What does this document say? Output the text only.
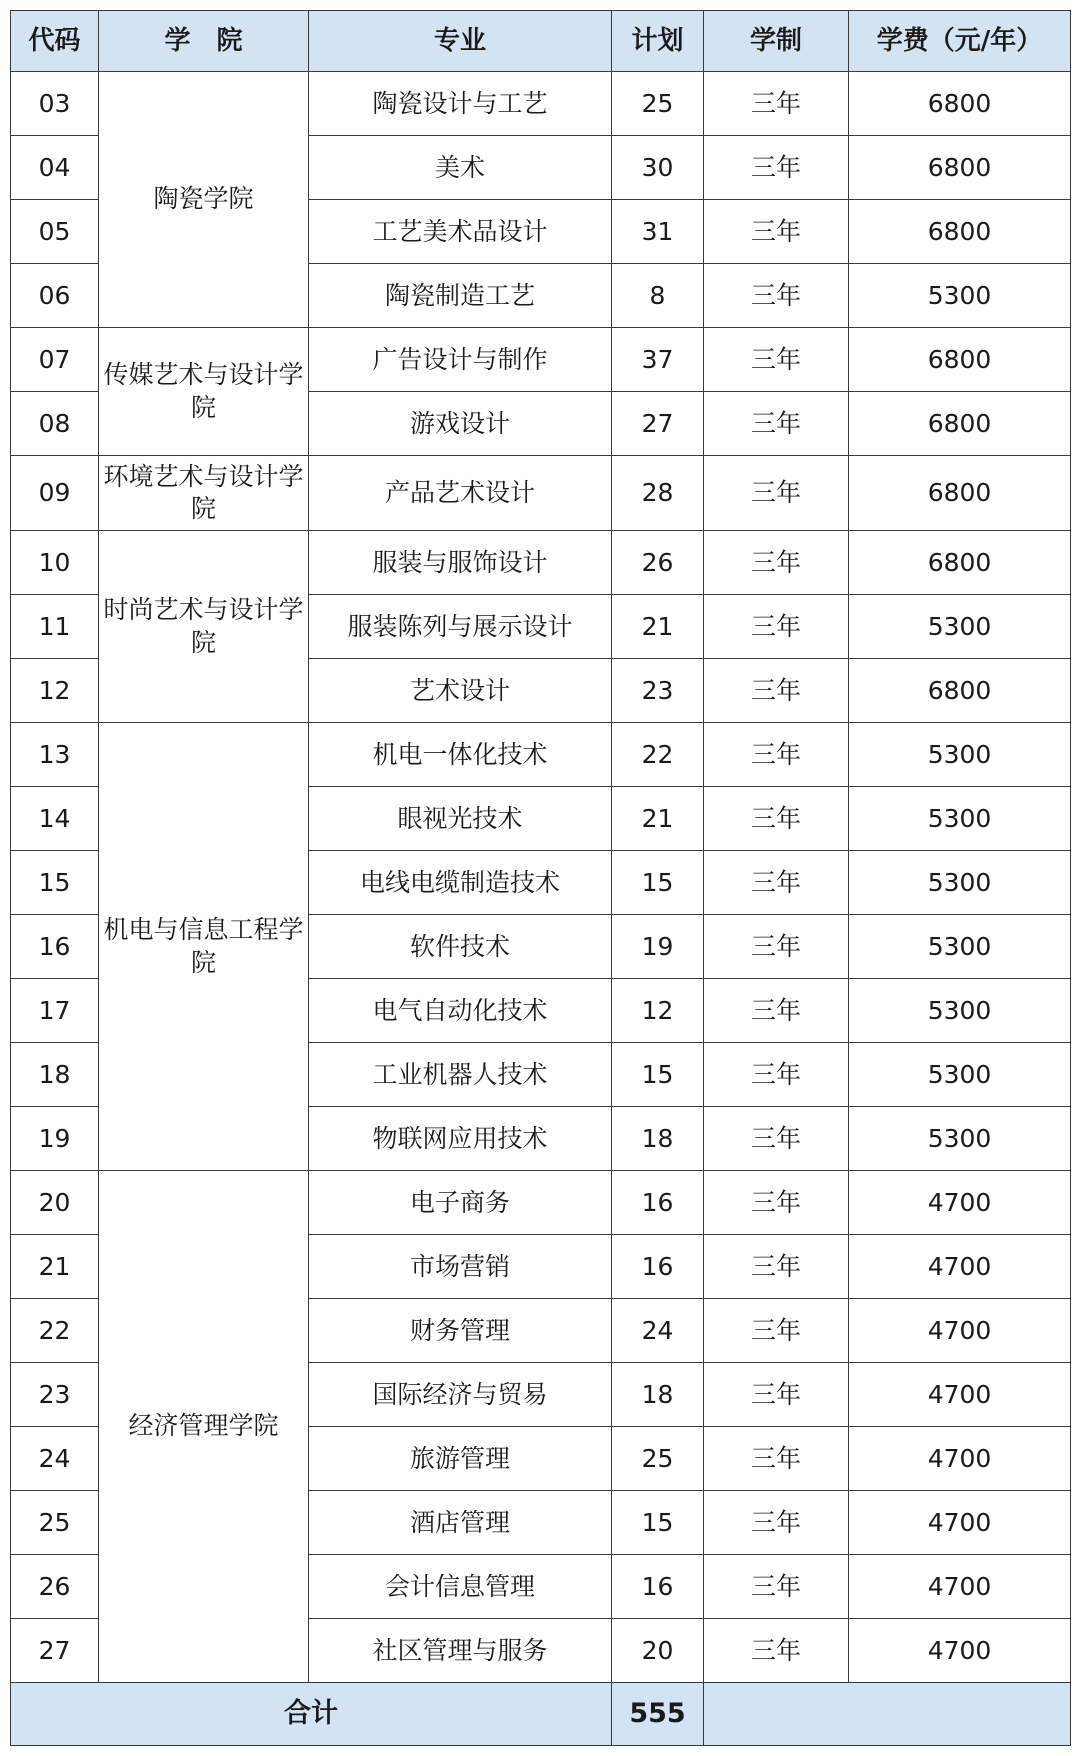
代码	学　院	专业	计划	学制	学费（元/年）
03	陶瓷学院	陶瓷设计与工艺	25	三年	6800
04		美术	30	三年	6800
05		工艺美术品设计	31	三年	6800
06		陶瓷制造工艺	8	三年	5300
07	传媒艺术与设计学院	广告设计与制作	37	三年	6800
08		游戏设计	27	三年	6800
09	环境艺术与设计学院	产品艺术设计	28	三年	6800
10	时尚艺术与设计学院	服装与服饰设计	26	三年	6800
11		服装陈列与展示设计	21	三年	5300
12		艺术设计	23	三年	6800
13	机电与信息工程学院	机电一体化技术	22	三年	5300
14		眼视光技术	21	三年	5300
15		电线电缆制造技术	15	三年	5300
16		软件技术	19	三年	5300
17		电气自动化技术	12	三年	5300
18		工业机器人技术	15	三年	5300
19		物联网应用技术	18	三年	5300
20	经济管理学院	电子商务	16	三年	4700
21		市场营销	16	三年	4700
22		财务管理	24	三年	4700
23		国际经济与贸易	18	三年	4700
24		旅游管理	25	三年	4700
25		酒店管理	15	三年	4700
26		会计信息管理	16	三年	4700
27		社区管理与服务	20	三年	4700
合计			555		
